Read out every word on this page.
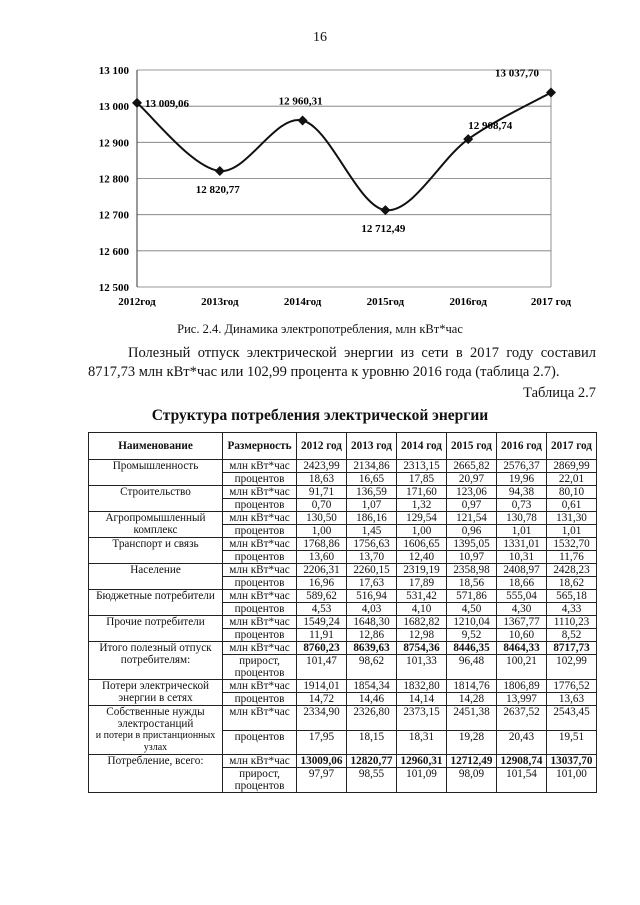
16
12 500
12 600
12 700
12 800
12 900
13 000
13 100
2012год	2013год	2014год	2015год	2016год	2017 год
13 009,06
12 820,77
12 960,31
12 712,49
12 908,74
13 037,70
Рис. 2.4. Динамика электропотребления, млн кВт*час
Полезный отпуск электрической энергии из сети в 2017 году составил 8717,73 млн кВт*час или 102,99 процента к уровню 2016 года (таблица 2.7).
Таблица 2.7
Структура потребления электрической энергии
Наименование	Размерность	2012 год	2013 год	2014 год	2015 год	2016 год	2017 год
Промышленность	млн кВт*час	2423,99	2134,86	2313,15	2665,82	2576,37	2869,99
	процентов	18,63	16,65	17,85	20,97	19,96	22,01
Строительство	млн кВт*час	91,71	136,59	171,60	123,06	94,38	80,10
	процентов	0,70	1,07	1,32	0,97	0,73	0,61
Агропромышленный комплекс	млн кВт*час	130,50	186,16	129,54	121,54	130,78	131,30
	процентов	1,00	1,45	1,00	0,96	1,01	1,01
Транспорт и связь	млн кВт*час	1768,86	1756,63	1606,65	1395,05	1331,01	1532,70
	процентов	13,60	13,70	12,40	10,97	10,31	11,76
Население	млн кВт*час	2206,31	2260,15	2319,19	2358,98	2408,97	2428,23
	процентов	16,96	17,63	17,89	18,56	18,66	18,62
Бюджетные потребители	млн кВт*час	589,62	516,94	531,42	571,86	555,04	565,18
	процентов	4,53	4,03	4,10	4,50	4,30	4,33
Прочие потребители	млн кВт*час	1549,24	1648,30	1682,82	1210,04	1367,77	1110,23
	процентов	11,91	12,86	12,98	9,52	10,60	8,52
Итого полезный отпуск потребителям:	млн кВт*час	8760,23	8639,63	8754,36	8446,35	8464,33	8717,73
	прирост, процентов	101,47	98,62	101,33	96,48	100,21	102,99
Потери электрической энергии в сетях	млн кВт*час	1914,01	1854,34	1832,80	1814,76	1806,89	1776,52
	процентов	14,72	14,46	14,14	14,28	13,997	13,63
Собственные нужды электростанций
и потери в пристанционных узлах	млн кВт*час	2334,90	2326,80	2373,15	2451,38	2637,52	2543,45
	процентов	17,95	18,15	18,31	19,28	20,43	19,51
Потребление, всего:	млн кВт*час	13009,06	12820,77	12960,31	12712,49	12908,74	13037,70
	прирост, процентов	97,97	98,55	101,09	98,09	101,54	101,00
